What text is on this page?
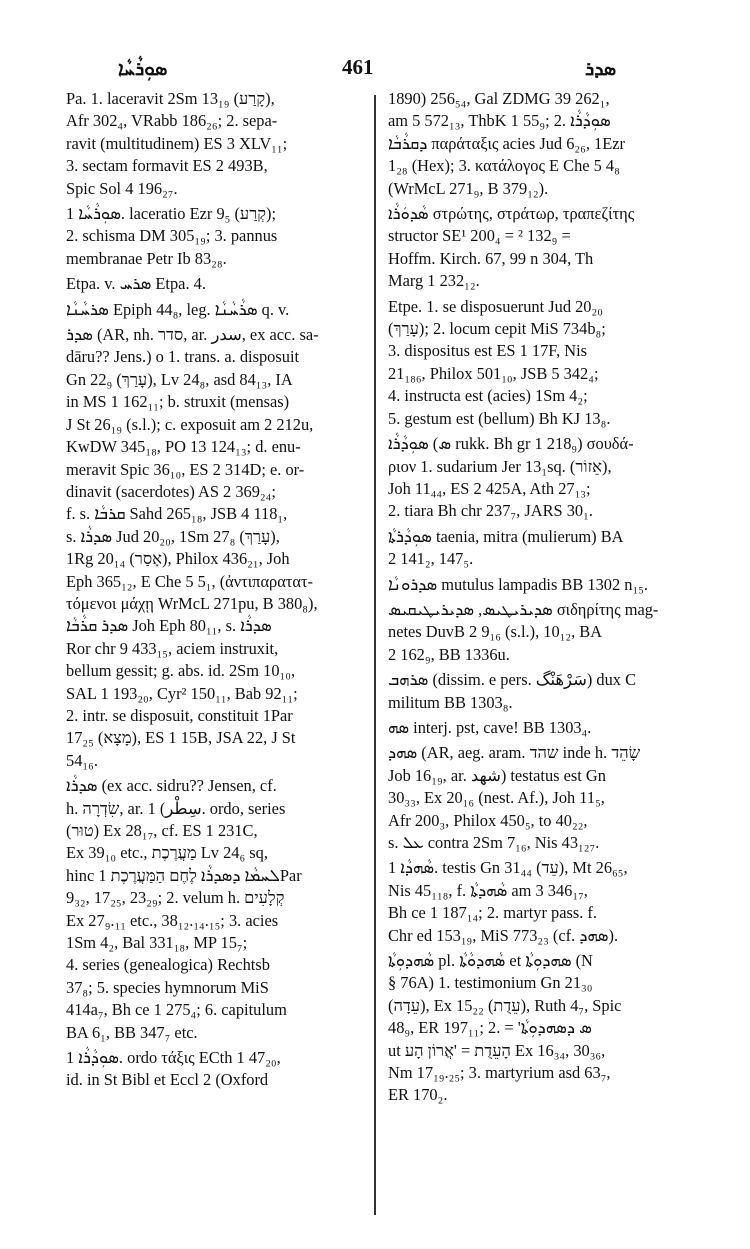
ܣܘܼܪܵܚܵܐ	461	ܣܕܪ
Pa. 1. laceravit 2Sm 13₁₉ (קָרַע),
Afr 302₄, VRabb 186₂₆; 2. sepa-
ravit (multitudinem) ES 3 XLV₁₁;
3. sectam formavit ES 2 493B,
Spic Sol 4 196₂₇.
ܣܘܼܪܵܚܵܐ 1. laceratio Ezr 9₅ (קְרַע);
2. schisma DM 305₁₉; 3. pannus
membranae Petr Ib 83₂₈.
Etpa. v. ܣܪܚ Etpa. 4.
ܣܪܚܵܢܵܐ Epiph 44₈, leg. ܣܪܵܚܵܢܵܐ q. v.
ܣܕܪ (AR, nh. סדר, ar. سدر, ex acc. sa-
dāru?? Jens.) o 1. trans. a. disposuit
Gn 22₉ (עָרַךְ), Lv 24₈, asd 84₁₃, IA
in MS 1 162₁₁; b. struxit (mensas)
J St 26₁₉ (s.l.); c. exposuit am 2 212u,
KwDW 345₁₈, PO 13 124₁₃; d. enu-
meravit Spic 36₁₀, ES 2 314D; e. or-
dinavit (sacerdotes) AS 2 369₂₄;
f. s. ܩܪܒܵܐ Sahd 265₁₈, JSB 4 118₁,
s. ܣܕܪܵܐ Jud 20₂₀, 1Sm 27₈ (עָרַךְ),
1Rg 20₁₄ (אָסַר), Philox 436₂₁, Joh
Eph 365₁₂, E Che 5 5₁, (ἀντιπαρατατ-
τόμενοι μάχῃ WrMcL 271pu, B 380₈),
ܣܕܪ ܩܪܵܒܵܐ Joh Eph 80₁₁, s. ܣܕܪܵܐ
Ror chr 9 433₁₅, aciem instruxit,
bellum gessit; g. abs. id. 2Sm 10₁₀,
SAL 1 193₂₀, Cyr² 150₁₁, Bab 92₁₁;
2. intr. se disposuit, constituit 1Par
17₂₅ (מָצָא), ES 1 15B, JSA 22, J St
54₁₆.
ܣܕܪܵܐ (ex acc. sidru?? Jensen, cf.
h. שִׂדְרָה, ar. سِطْر) 1. ordo, series
(טוּר) Ex 28₁₇, cf. ES 1 231C,
Ex 39₁₀ etc., מַעֲרֶכֶת Lv 24₆ sq,
hinc ܠܚܡܵܐ ܕܣܕܪܵܐ לֶחֶם הַמַּעֲרֶכֶת 1Par
9₃₂, 17₂₅, 23₂₉; 2. velum h. קְלָעִים
Ex 27₉.₁₁ etc., 38₁₂.₁₄.₁₅; 3. acies
1Sm 4₂, Bal 331₁₈, MP 15₇;
4. series (genealogica) Rechtsb
37₈; 5. species hymnorum MiS
414a₇, Bh ce 1 275₄; 6. capitulum
BA 6₁, BB 347₇ etc.
ܣܘܼܕܵܪܵܐ 1. ordo τάξις ECth 1 47₂₀,
id. in St Bibl et Eccl 2 (Oxford
1890) 256₅₄, Gal ZDMG 39 262₁,
am 5 572₁₃, ThbK 1 55₉; 2. ܣܘܼܕܵܪܵܐ
ܕܩܪܵܒܵܐ παράταξις acies Jud 6₂₆, 1Ezr
1₂₈ (Hex); 3. κατάλογος E Che 5 4₈
(WrMcL 271₉, B 379₁₂).
ܣܵܕܘܿܪܵܐ στρώτης, στράτωρ, τραπεζίτης
structor SE¹ 200₄ = ² 132₉ =
Hoffm. Kirch. 67, 99 n 304, Th
Marg 1 232₁₂.
Etpe. 1. se disposuerunt Jud 20₂₀
(עָרַךְ); 2. locum cepit MiS 734b₈;
3. dispositus est ES 1 17F, Nis
21₁₈₆, Philox 501₁₀, JSB 5 342₄;
4. instructa est (acies) 1Sm 4₂;
5. gestum est (bellum) Bh KJ 13₈.
ܣܘܼܕܵܪܵܐ (ܣ rukk. Bh gr 1 218₉) σουδά-
ριον 1. sudarium Jer 13₁sq. (אֵזוֹר),
Joh 11₄₄, ES 2 425A, Ath 27₁₃;
2. tiara Bh chr 237₇, JARS 30₁.
ܣܘܼܕܵܪܬܵܐ taenia, mitra (mulierum) BA
2 141₂, 147₅.
ܣܕܪܘܢܵܐ mutulus lampadis BB 1302 n₁₅.
ܣܕܝܪܝܛܝܣ, ܣܕܝܪܝܛܝܩܝܣ σιδηρίτης mag-
netes DuvB 2 9₁₆ (s.l.), 10₁₂, BA
2 162₉, BB 1336u.
ܣܪܗܒ (dissim. e pers. سَرْهَنْگ) dux C
militum BB 1303₈.
ܣܗ interj. pst, cave! BB 1303₄.
ܣܗܕ (AR, aeg. aram. שהד inde h. שָׂהֵד
Job 16₁₉, ar. شهد) testatus est Gn
30₃₃, Ex 20₁₆ (nest. Af.), Joh 11₅,
Afr 200₃, Philox 450₅, to 40₂₂,
s. ܥܠ contra 2Sm 7₁₆, Nis 43₁₂₇.
ܣܵܗܕܵܐ 1. testis Gn 31₄₄ (עֵד), Mt 26₆₅,
Nis 45₁₁₈, f. ܣܵܗܕܬܵܐ am 3 346₁₇,
Bh ce 1 187₁₄; 2. martyr pass. f.
Chr ed 153₁₉, MiS 773₂₃ (cf. ܣܗܕ).
ܣܵܗܕܘܼܬܵܐ pl. ܣܵܗܕܘܵܬܵܐ et ܣܗܕܘܼܬܵܐ (N
§ 76A) 1. testimonium Gn 21₃₀
(עֵדָה), Ex 15₂₂ (עֵדֻת), Ruth 4₇, Spic
48₉, ER 197₁₁; 2. = 'ܣ ܕܣܗܕܘܼܬܵܐ
ut הָעֵדֻת = 'אֲרוֹן הָע Ex 16₃₄, 30₃₆,
Nm 17₁₉.₂₅; 3. martyrium asd 63₇,
ER 170₂.
